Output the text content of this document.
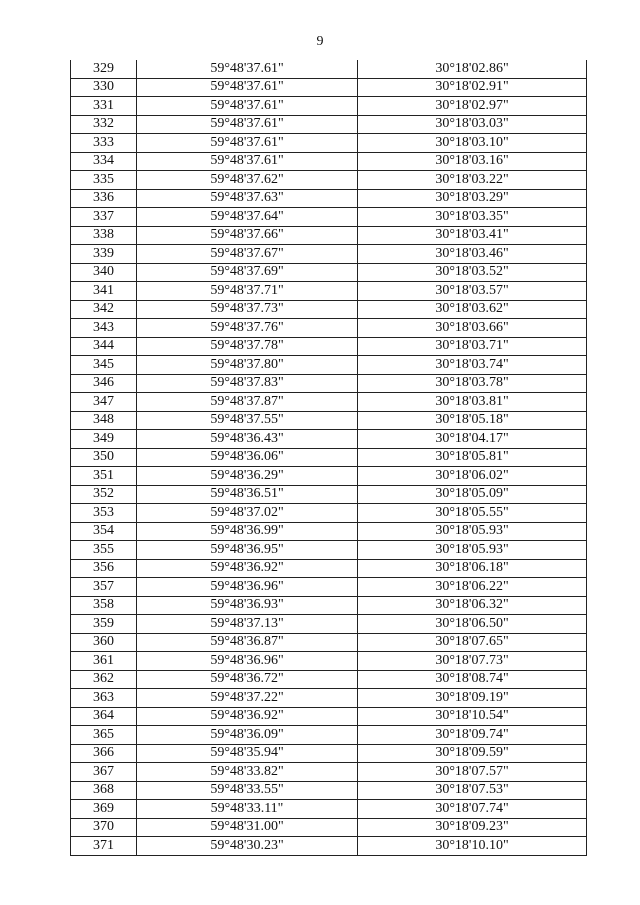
9
329	59°48'37.61"	30°18'02.86"
330	59°48'37.61"	30°18'02.91"
331	59°48'37.61"	30°18'02.97"
332	59°48'37.61"	30°18'03.03"
333	59°48'37.61"	30°18'03.10"
334	59°48'37.61"	30°18'03.16"
335	59°48'37.62"	30°18'03.22"
336	59°48'37.63"	30°18'03.29"
337	59°48'37.64"	30°18'03.35"
338	59°48'37.66"	30°18'03.41"
339	59°48'37.67"	30°18'03.46"
340	59°48'37.69"	30°18'03.52"
341	59°48'37.71"	30°18'03.57"
342	59°48'37.73"	30°18'03.62"
343	59°48'37.76"	30°18'03.66"
344	59°48'37.78"	30°18'03.71"
345	59°48'37.80"	30°18'03.74"
346	59°48'37.83"	30°18'03.78"
347	59°48'37.87"	30°18'03.81"
348	59°48'37.55"	30°18'05.18"
349	59°48'36.43"	30°18'04.17"
350	59°48'36.06"	30°18'05.81"
351	59°48'36.29"	30°18'06.02"
352	59°48'36.51"	30°18'05.09"
353	59°48'37.02"	30°18'05.55"
354	59°48'36.99"	30°18'05.93"
355	59°48'36.95"	30°18'05.93"
356	59°48'36.92"	30°18'06.18"
357	59°48'36.96"	30°18'06.22"
358	59°48'36.93"	30°18'06.32"
359	59°48'37.13"	30°18'06.50"
360	59°48'36.87"	30°18'07.65"
361	59°48'36.96"	30°18'07.73"
362	59°48'36.72"	30°18'08.74"
363	59°48'37.22"	30°18'09.19"
364	59°48'36.92"	30°18'10.54"
365	59°48'36.09"	30°18'09.74"
366	59°48'35.94"	30°18'09.59"
367	59°48'33.82"	30°18'07.57"
368	59°48'33.55"	30°18'07.53"
369	59°48'33.11"	30°18'07.74"
370	59°48'31.00"	30°18'09.23"
371	59°48'30.23"	30°18'10.10"
